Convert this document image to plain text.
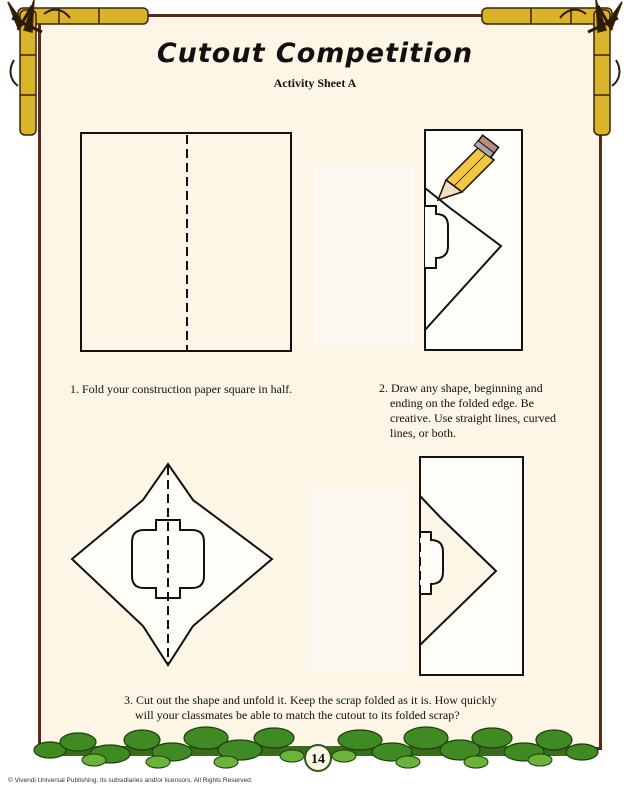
Cutout Competition
Activity Sheet A
1. Fold your construction paper square in half.	2. Draw any shape, beginning and
ending on the folded edge. Be
creative. Use straight lines, curved
lines, or both.
3. Cut out the shape and unfold it. Keep the scrap folded as it is. How quickly
will your classmates be able to match the cutout to its folded scrap?
14
© Vivendi Universal Publishing, its subsidiaries and/or licensors. All Rights Reserved.
